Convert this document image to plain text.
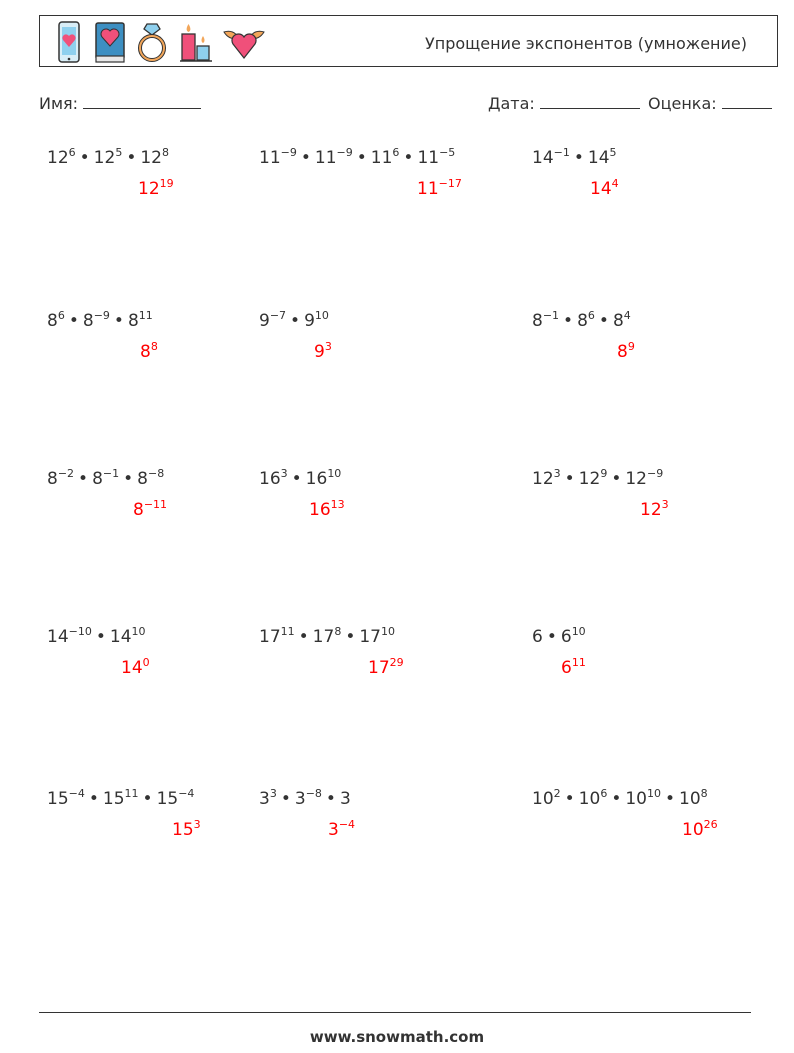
Упрощение экспонентов (умножение)
Имя:	Дата:	Оценка:
$12^6$ • $12^5$ • $12^8$
$12^{19}$
$11^{-9}$ • $11^{-9}$ • $11^6$ • $11^{-5}$
$11^{-17}$
$14^{-1}$ • $14^5$
$14^4$
$8^6$ • $8^{-9}$ • $8^{11}$
$8^8$
$9^{-7}$ • $9^{10}$
$9^3$
$8^{-1}$ • $8^6$ • $8^4$
$8^9$
$8^{-2}$ • $8^{-1}$ • $8^{-8}$
$8^{-11}$
$16^3$ • $16^{10}$
$16^{13}$
$12^3$ • $12^9$ • $12^{-9}$
$12^3$
$14^{-10}$ • $14^{10}$
$14^0$
$17^{11}$ • $17^8$ • $17^{10}$
$17^{29}$
6 • $6^{10}$
$6^{11}$
$15^{-4}$ • $15^{11}$ • $15^{-4}$
$15^3$
$3^3$ • $3^{-8}$ • 3
$3^{-4}$
$10^2$ • $10^6$ • $10^{10}$ • $10^8$
$10^{26}$
www.snowmath.com
